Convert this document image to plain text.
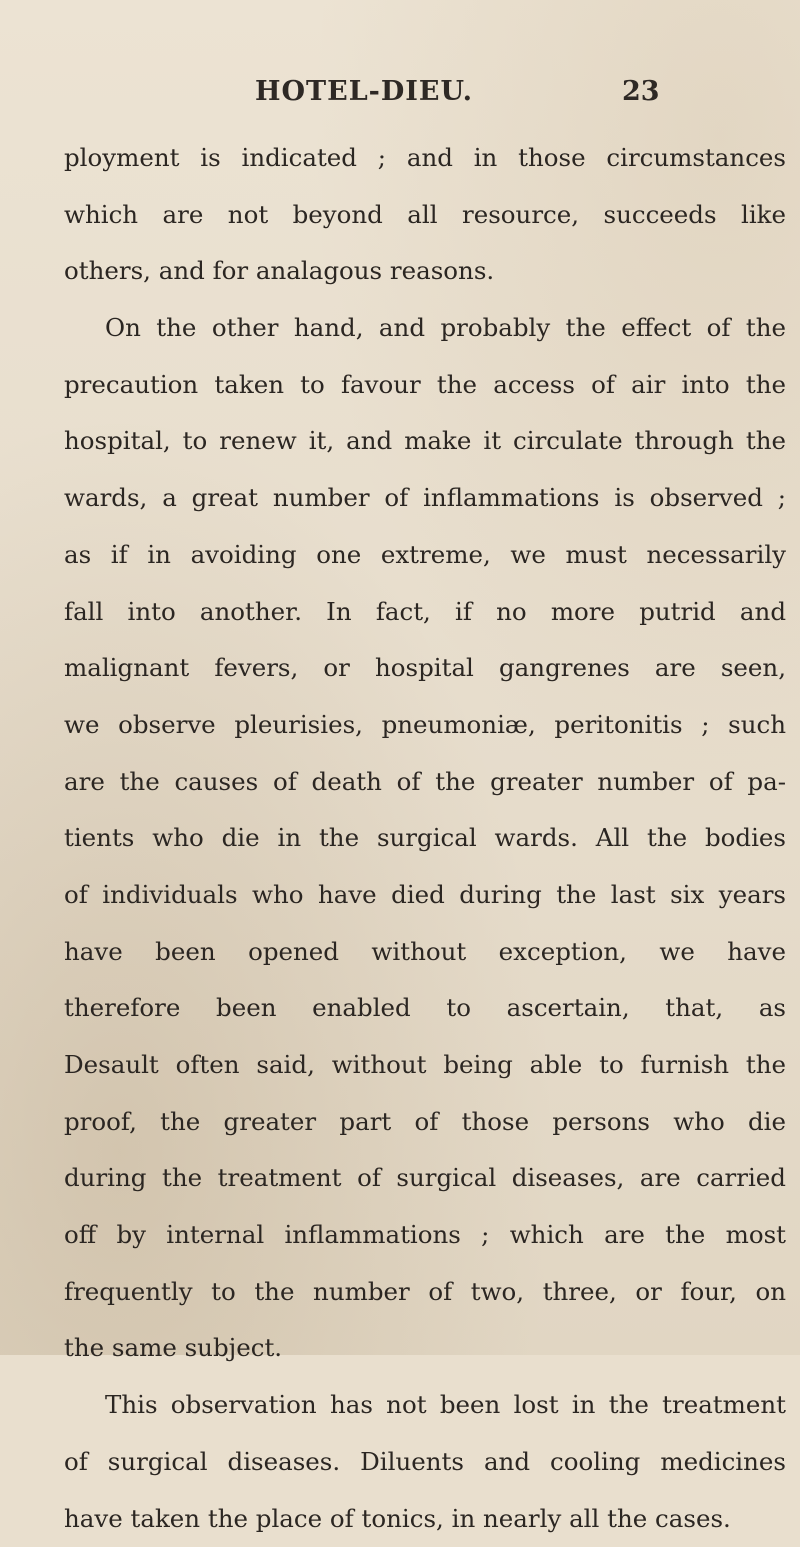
HOTEL-DIEU.	23
ployment is indicated ; and in those circumstances
which are not beyond all resource, succeeds like
others, and for analagous reasons.
On the other hand, and probably the effect of the
precaution taken to favour the access of air into the
hospital, to renew it, and make it circulate through the
wards, a great number of inflammations is observed ;
as if in avoiding one extreme, we must necessarily
fall into another. In fact, if no more putrid and
malignant fevers, or hospital gangrenes are seen,
we observe pleurisies, pneumoniæ, peritonitis ; such
are the causes of death of the greater number of pa-
tients who die in the surgical wards. All the bodies
of individuals who have died during the last six years
have been opened without exception, we have
therefore been enabled to ascertain, that, as
Desault often said, without being able to furnish the
proof, the greater part of those persons who die
during the treatment of surgical diseases, are carried
off by internal inflammations ; which are the most
frequently to the number of two, three, or four, on
the same subject.
This observation has not been lost in the treatment
of surgical diseases. Diluents and cooling medicines
have taken the place of tonics, in nearly all the cases.
